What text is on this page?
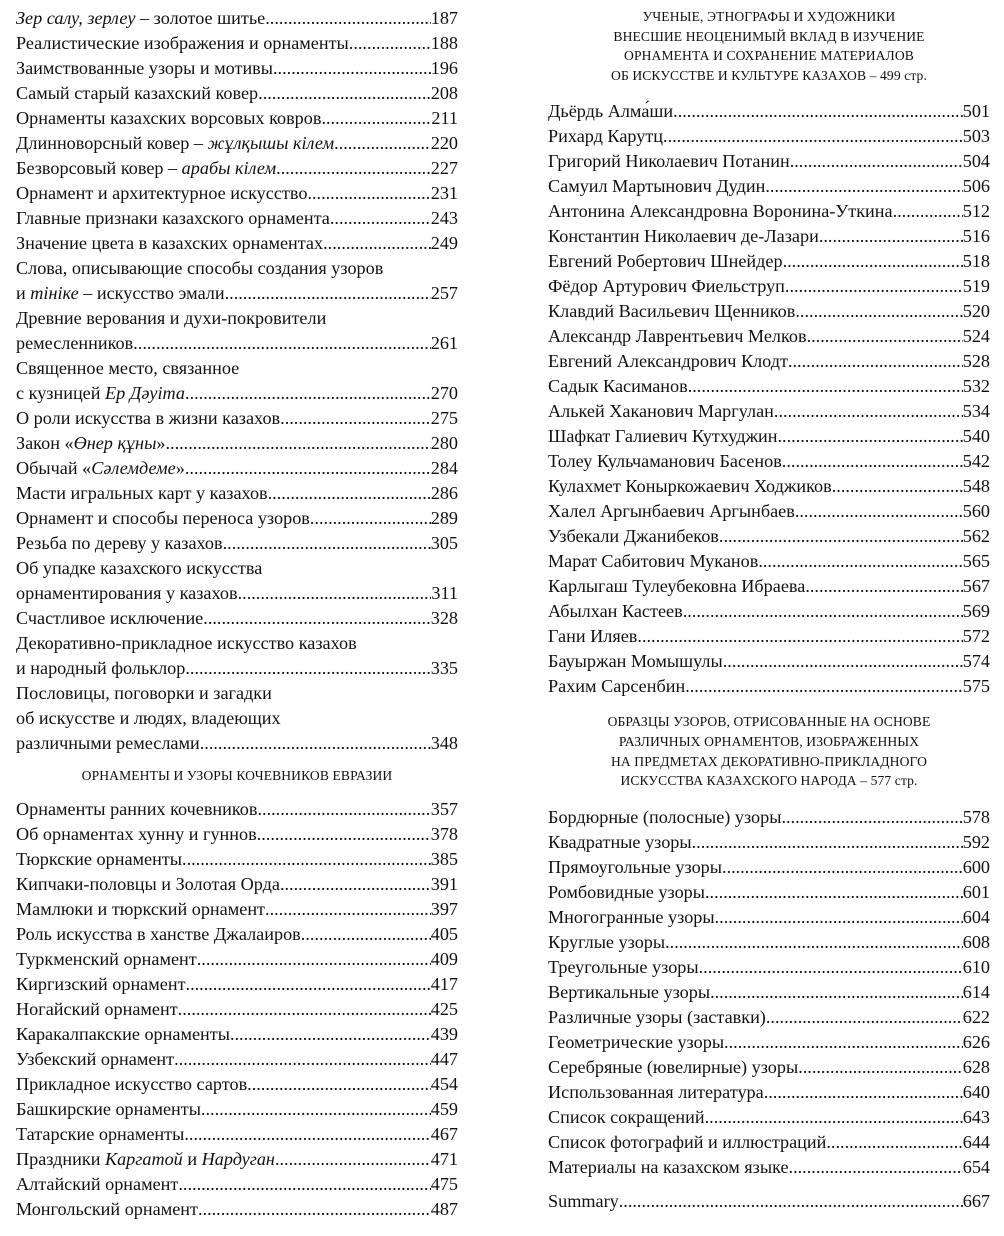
Зер салу, зерлеу – золотое шитье .....	187
Реалистические изображения и орнаменты .....	188
Заимствованные узоры и мотивы .....	196
Самый старый казахский ковер .....	208
Орнаменты казахских ворсовых ковров .....	211
Длинноворсный ковер – жұлқышы кілем .....	220
Безворсовый ковер – арабы кілем .....	227
Орнамент и архитектурное искусство .....	231
Главные признаки казахского орнамента .....	243
Значение цвета в казахских орнаментах .....	249
Слова, описывающие способы создания узоров
и тiнiке – искусство эмали .....	257
Древние верования и духи-покровители
ремесленников .....	261
Священное место, связанное
с кузницей Ер Дәуiта .....	270
О роли искусства в жизни казахов .....	275
Закон «Өнер құны» .....	280
Обычай «Сәлемдеме» .....	284
Масти игральных карт у казахов .....	286
Орнамент и способы переноса узоров .....	289
Резьба по дереву у казахов .....	305
Об упадке казахского искусства
орнаментирования у казахов .....	311
Счастливое исключение .....	328
Декоративно-прикладное искусство казахов
и народный фольклор .....	335
Пословицы, поговорки и загадки
об искусстве и людях, владеющих
различными ремеслами .....	348
ОРНАМЕНТЫ И УЗОРЫ КОЧЕВНИКОВ ЕВРАЗИИ
Орнаменты ранних кочевников .....	357
Об орнаментах хунну и гуннов .....	378
Тюркские орнаменты .....	385
Кипчаки-половцы и Золотая Орда .....	391
Мамлюки и тюркский орнамент .....	397
Роль искусства в ханстве Джалаиров .....	405
Туркменский орнамент .....	409
Киргизский орнамент .....	417
Ногайский орнамент .....	425
Каракалпакские орнаменты .....	439
Узбекский орнамент .....	447
Прикладное искусство сартов .....	454
Башкирские орнаменты .....	459
Татарские орнаменты .....	467
Праздники Каргатой и Нардуган .....	471
Алтайский орнамент .....	475
Монгольский орнамент .....	487
УЧЕНЫЕ, ЭТНОГРАФЫ И ХУДОЖНИКИ
ВНЕСШИЕ НЕОЦЕНИМЫЙ ВКЛАД В ИЗУЧЕНИЕ
ОРНАМЕНТА И СОХРАНЕНИЕ МАТЕРИАЛОВ
ОБ ИСКУССТВЕ И КУЛЬТУРЕ КАЗАХОВ – 499 стр.
Дьёрдь Алма́ши .....	501
Рихард Карутц .....	503
Григорий Николаевич Потанин .....	504
Самуил Мартынович Дудин .....	506
Антонина Александровна Воронина-Уткина .....	512
Константин Николаевич де-Лазари .....	516
Евгений Робертович Шнейдер .....	518
Фёдор Артурович Фиельструп .....	519
Клавдий Васильевич Щенников .....	520
Александр Лаврентьевич Мелков .....	524
Евгений Александрович Клодт .....	528
Садык Касиманов .....	532
Алькей Хаканович Маргулан .....	534
Шафкат Галиевич Кутхуджин .....	540
Толеу Кульчаманович Басенов .....	542
Кулахмет Коныркожаевич Ходжиков .....	548
Халел Аргынбаевич Аргынбаев .....	560
Узбекали Джанибеков .....	562
Марат Сабитович Муканов .....	565
Карлыгаш Тулеубековна Ибраева .....	567
Абылхан Кастеев .....	569
Гани Иляев .....	572
Бауыржан Момышулы .....	574
Рахим Сарсенбин .....	575
ОБРАЗЦЫ УЗОРОВ, ОТРИСОВАННЫЕ НА ОСНОВЕ
РАЗЛИЧНЫХ ОРНАМЕНТОВ, ИЗОБРАЖЕННЫХ
НА ПРЕДМЕТАХ ДЕКОРАТИВНО-ПРИКЛАДНОГО
ИСКУССТВА КАЗАХСКОГО НАРОДА – 577 стр.
Бордюрные (полосные) узоры .....	578
Квадратные узоры .....	592
Прямоугольные узоры .....	600
Ромбовидные узоры .....	601
Многогранные узоры .....	604
Круглые узоры .....	608
Треугольные узоры .....	610
Вертикальные узоры .....	614
Различные узоры (заставки) .....	622
Геометрические узоры .....	626
Серебряные (ювелирные) узоры .....	628
Использованная литература .....	640
Список сокращений .....	643
Список фотографий и иллюстраций .....	644
Материалы на казахском языке .....	654
Summary .....	667
